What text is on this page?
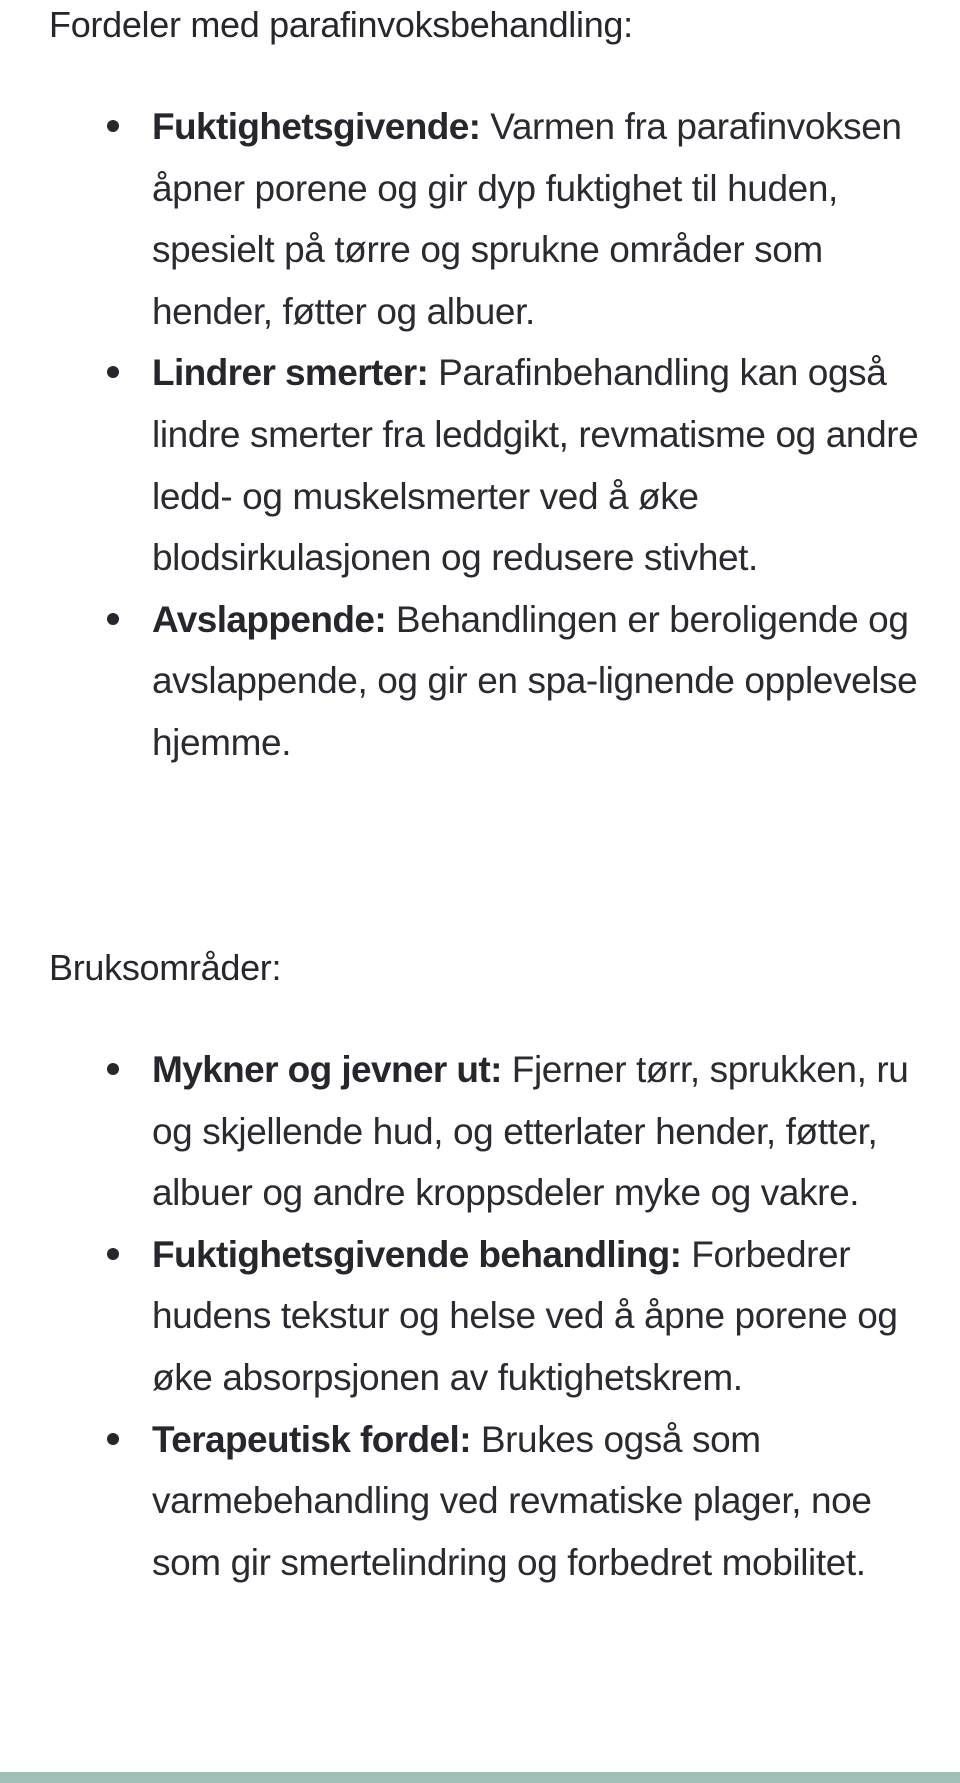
Fordeler med parafinvoksbehandling:
Fuktighetsgivende: Varmen fra parafinvoksen åpner porene og gir dyp fuktighet til huden, spesielt på tørre og sprukne områder som hender, føtter og albuer.
Lindrer smerter: Parafinbehandling kan også lindre smerter fra leddgikt, revmatisme og andre ledd- og muskelsmerter ved å øke blodsirkulasjonen og redusere stivhet.
Avslappende: Behandlingen er beroligende og avslappende, og gir en spa-lignende opplevelse hjemme.
Bruksområder:
Mykner og jevner ut: Fjerner tørr, sprukken, ru og skjellende hud, og etterlater hender, føtter, albuer og andre kroppsdeler myke og vakre.
Fuktighetsgivende behandling: Forbedrer hudens tekstur og helse ved å åpne porene og øke absorpsjonen av fuktighetskrem.
Terapeutisk fordel: Brukes også som varmebehandling ved revmatiske plager, noe som gir smertelindring og forbedret mobilitet.
